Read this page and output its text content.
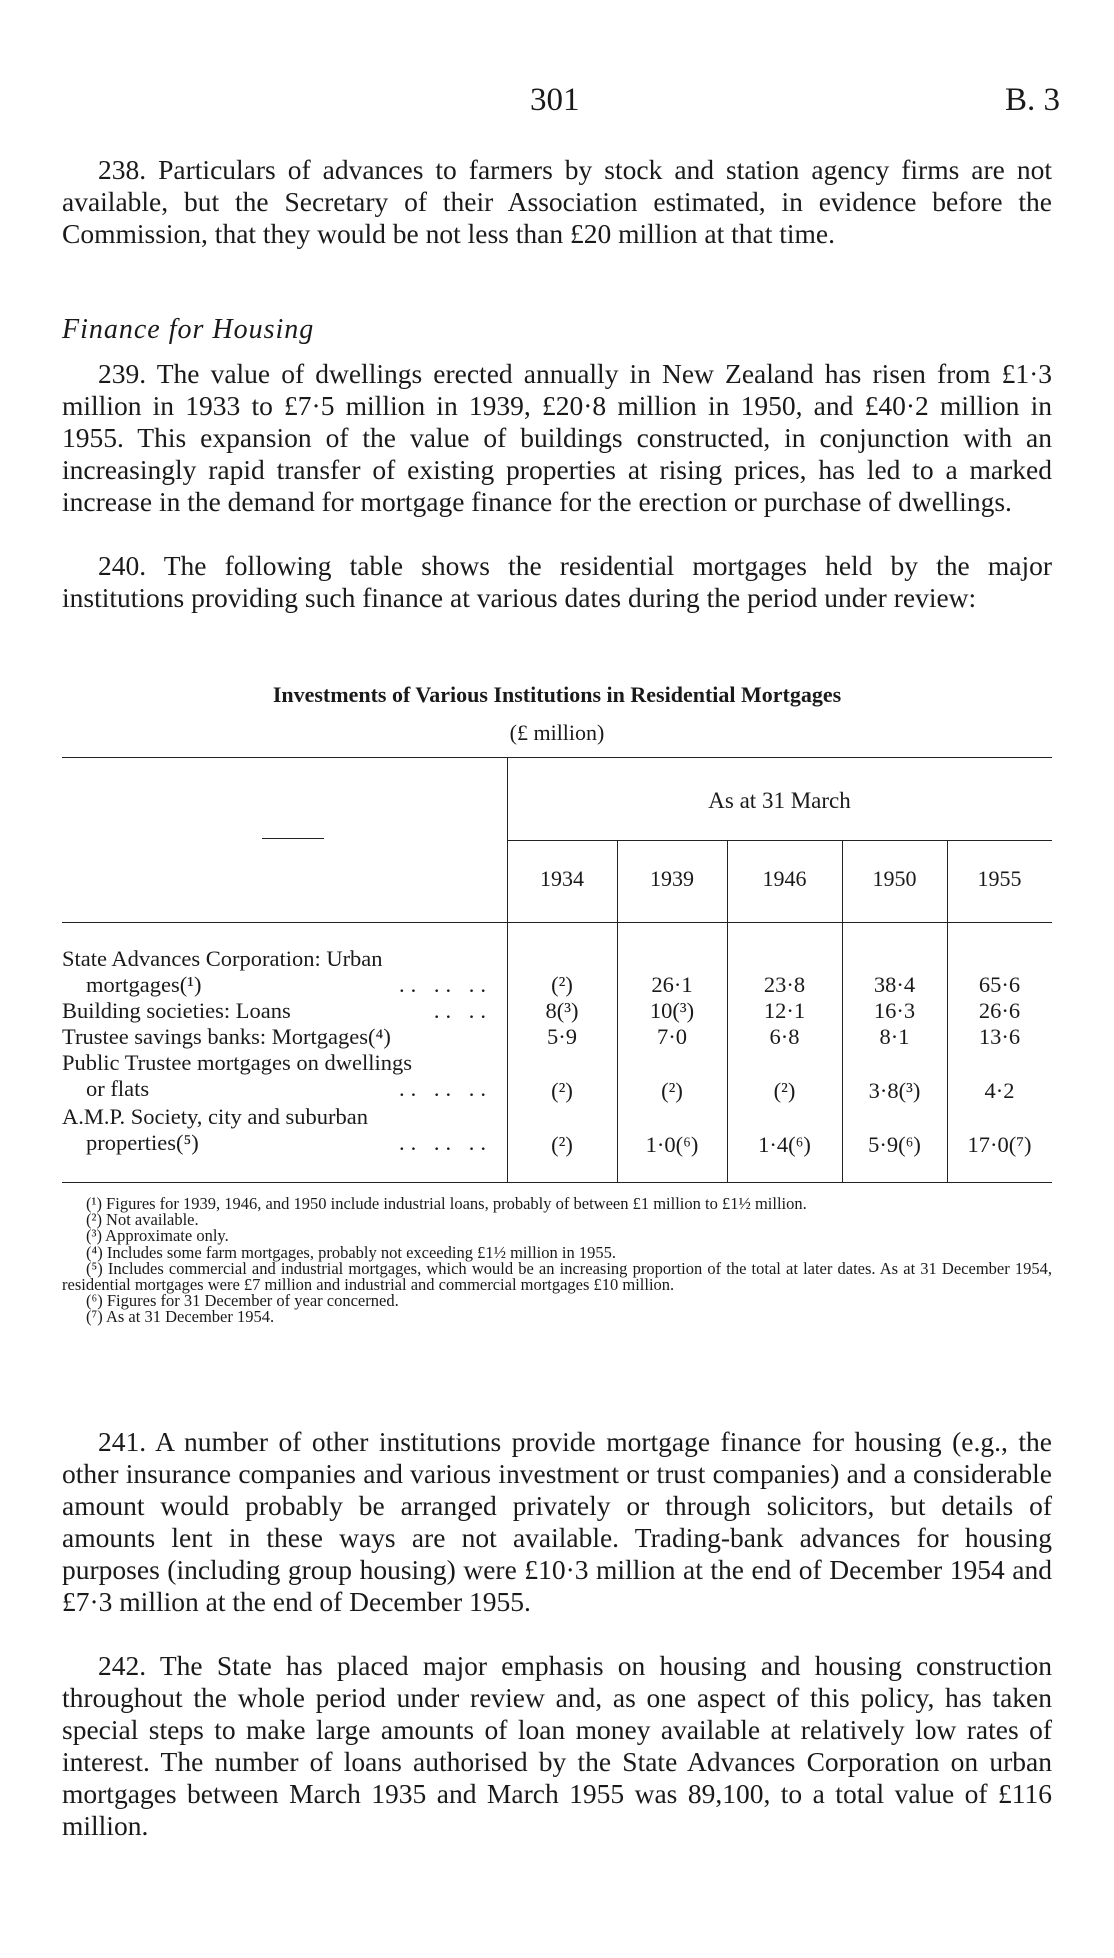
301	B. 3

238. Particulars of advances to farmers by stock and station agency firms are not available, but the Secretary of their Association estimated, in evidence before the Commission, that they would be not less than £20 million at that time.

Finance for Housing

239. The value of dwellings erected annually in New Zealand has risen from £1·3 million in 1933 to £7·5 million in 1939, £20·8 million in 1950, and £40·2 million in 1955. This expansion of the value of buildings constructed, in conjunction with an increasingly rapid transfer of existing properties at rising prices, has led to a marked increase in the demand for mortgage finance for the erection or purchase of dwellings.

240. The following table shows the residential mortgages held by the major institutions providing such finance at various dates during the period under review:

Investments of Various Institutions in Residential Mortgages

(£ million)

As at 31 March
1934	1939	1946	1950	1955
State Advances Corporation: Urban
mortgages(¹)	.. .. ..	(²)	26·1	23·8	38·4	65·6
Building societies: Loans	.. ..	8(³)	10(³)	12·1	16·3	26·6
Trustee savings banks: Mortgages(⁴)	5·9	7·0	6·8	8·1	13·6
Public Trustee mortgages on dwellings
or flats	.. .. ..	(²)	(²)	(²)	3·8(³)	4·2
A.M.P. Society, city and suburban
properties(⁵)	.. .. ..	(²)	1·0(⁶)	1·4(⁶)	5·9(⁶)	17·0(⁷)

(¹) Figures for 1939, 1946, and 1950 include industrial loans, probably of between £1 million to £1½ million.

(²) Not available.

(³) Approximate only.

(⁴) Includes some farm mortgages, probably not exceeding £1½ million in 1955.

(⁵) Includes commercial and industrial mortgages, which would be an increasing proportion of the total at later dates. As at 31 December 1954, residential mortgages were £7 million and industrial and commercial mortgages £10 million.

(⁶) Figures for 31 December of year concerned.

(⁷) As at 31 December 1954.

241. A number of other institutions provide mortgage finance for housing (e.g., the other insurance companies and various investment or trust companies) and a considerable amount would probably be arranged privately or through solicitors, but details of amounts lent in these ways are not available. Trading-bank advances for housing purposes (including group housing) were £10·3 million at the end of December 1954 and £7·3 million at the end of December 1955.

242. The State has placed major emphasis on housing and housing construction throughout the whole period under review and, as one aspect of this policy, has taken special steps to make large amounts of loan money available at relatively low rates of interest. The number of loans authorised by the State Advances Corporation on urban mortgages between March 1935 and March 1955 was 89,100, to a total value of £116 million.
